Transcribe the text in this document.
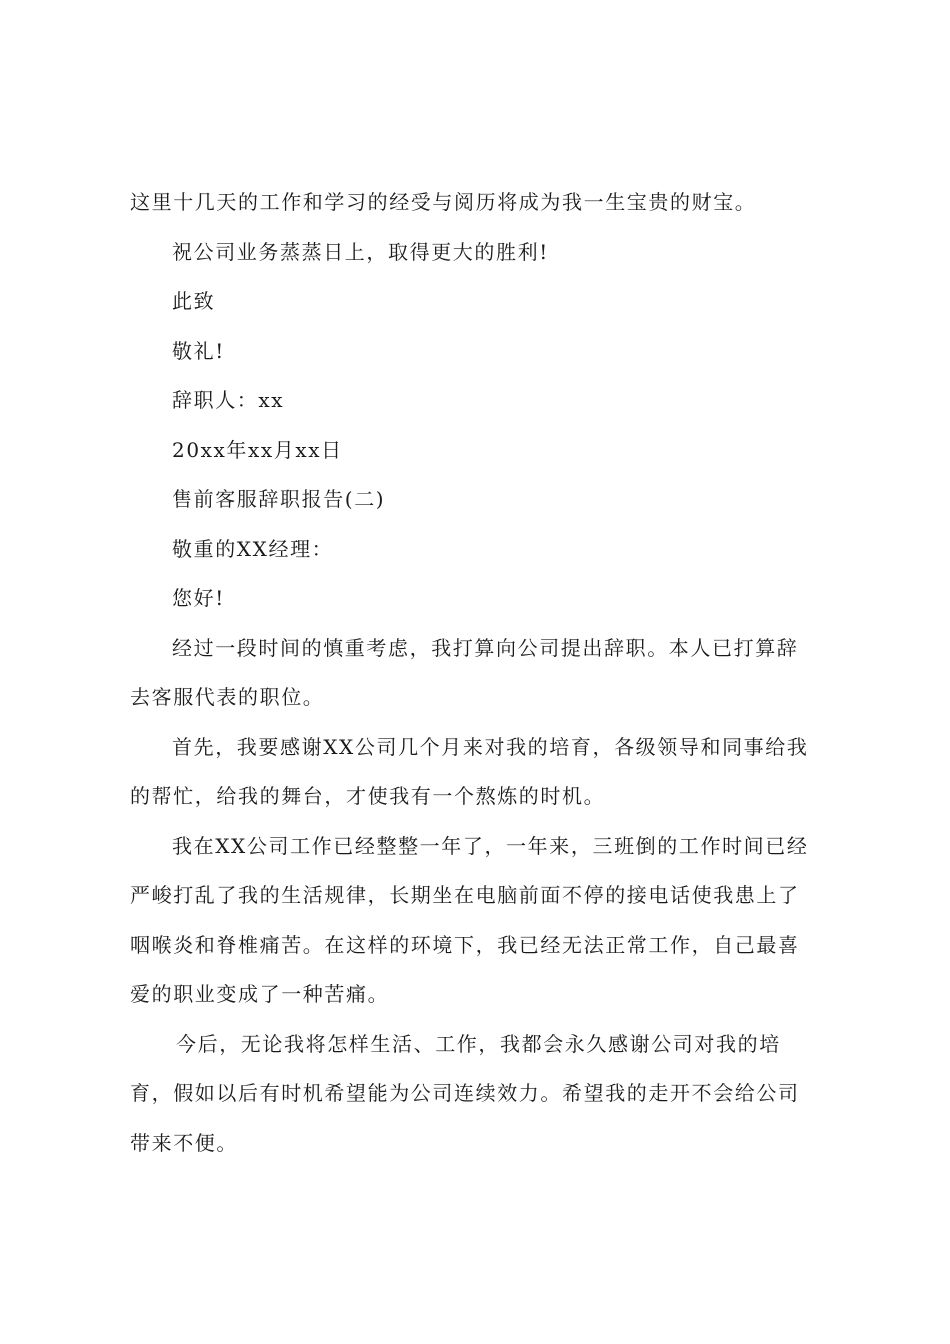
这里十几天的工作和学习的经受与阅历将成为我一生宝贵的财宝。

祝公司业务蒸蒸日上，取得更大的胜利!

此致

敬礼!

辞职人：xx

20xx年xx月xx日

售前客服辞职报告(二)

敬重的XX经理：

您好!

经过一段时间的慎重考虑，我打算向公司提出辞职。本人已打算辞

去客服代表的职位。

首先，我要感谢XX公司几个月来对我的培育，各级领导和同事给我

的帮忙，给我的舞台，才使我有一个熬炼的时机。

我在XX公司工作已经整整一年了，一年来，三班倒的工作时间已经

严峻打乱了我的生活规律，长期坐在电脑前面不停的接电话使我患上了

咽喉炎和脊椎痛苦。在这样的环境下，我已经无法正常工作，自己最喜

爱的职业变成了一种苦痛。

今后，无论我将怎样生活、工作，我都会永久感谢公司对我的培

育，假如以后有时机希望能为公司连续效力。希望我的走开不会给公司

带来不便。
